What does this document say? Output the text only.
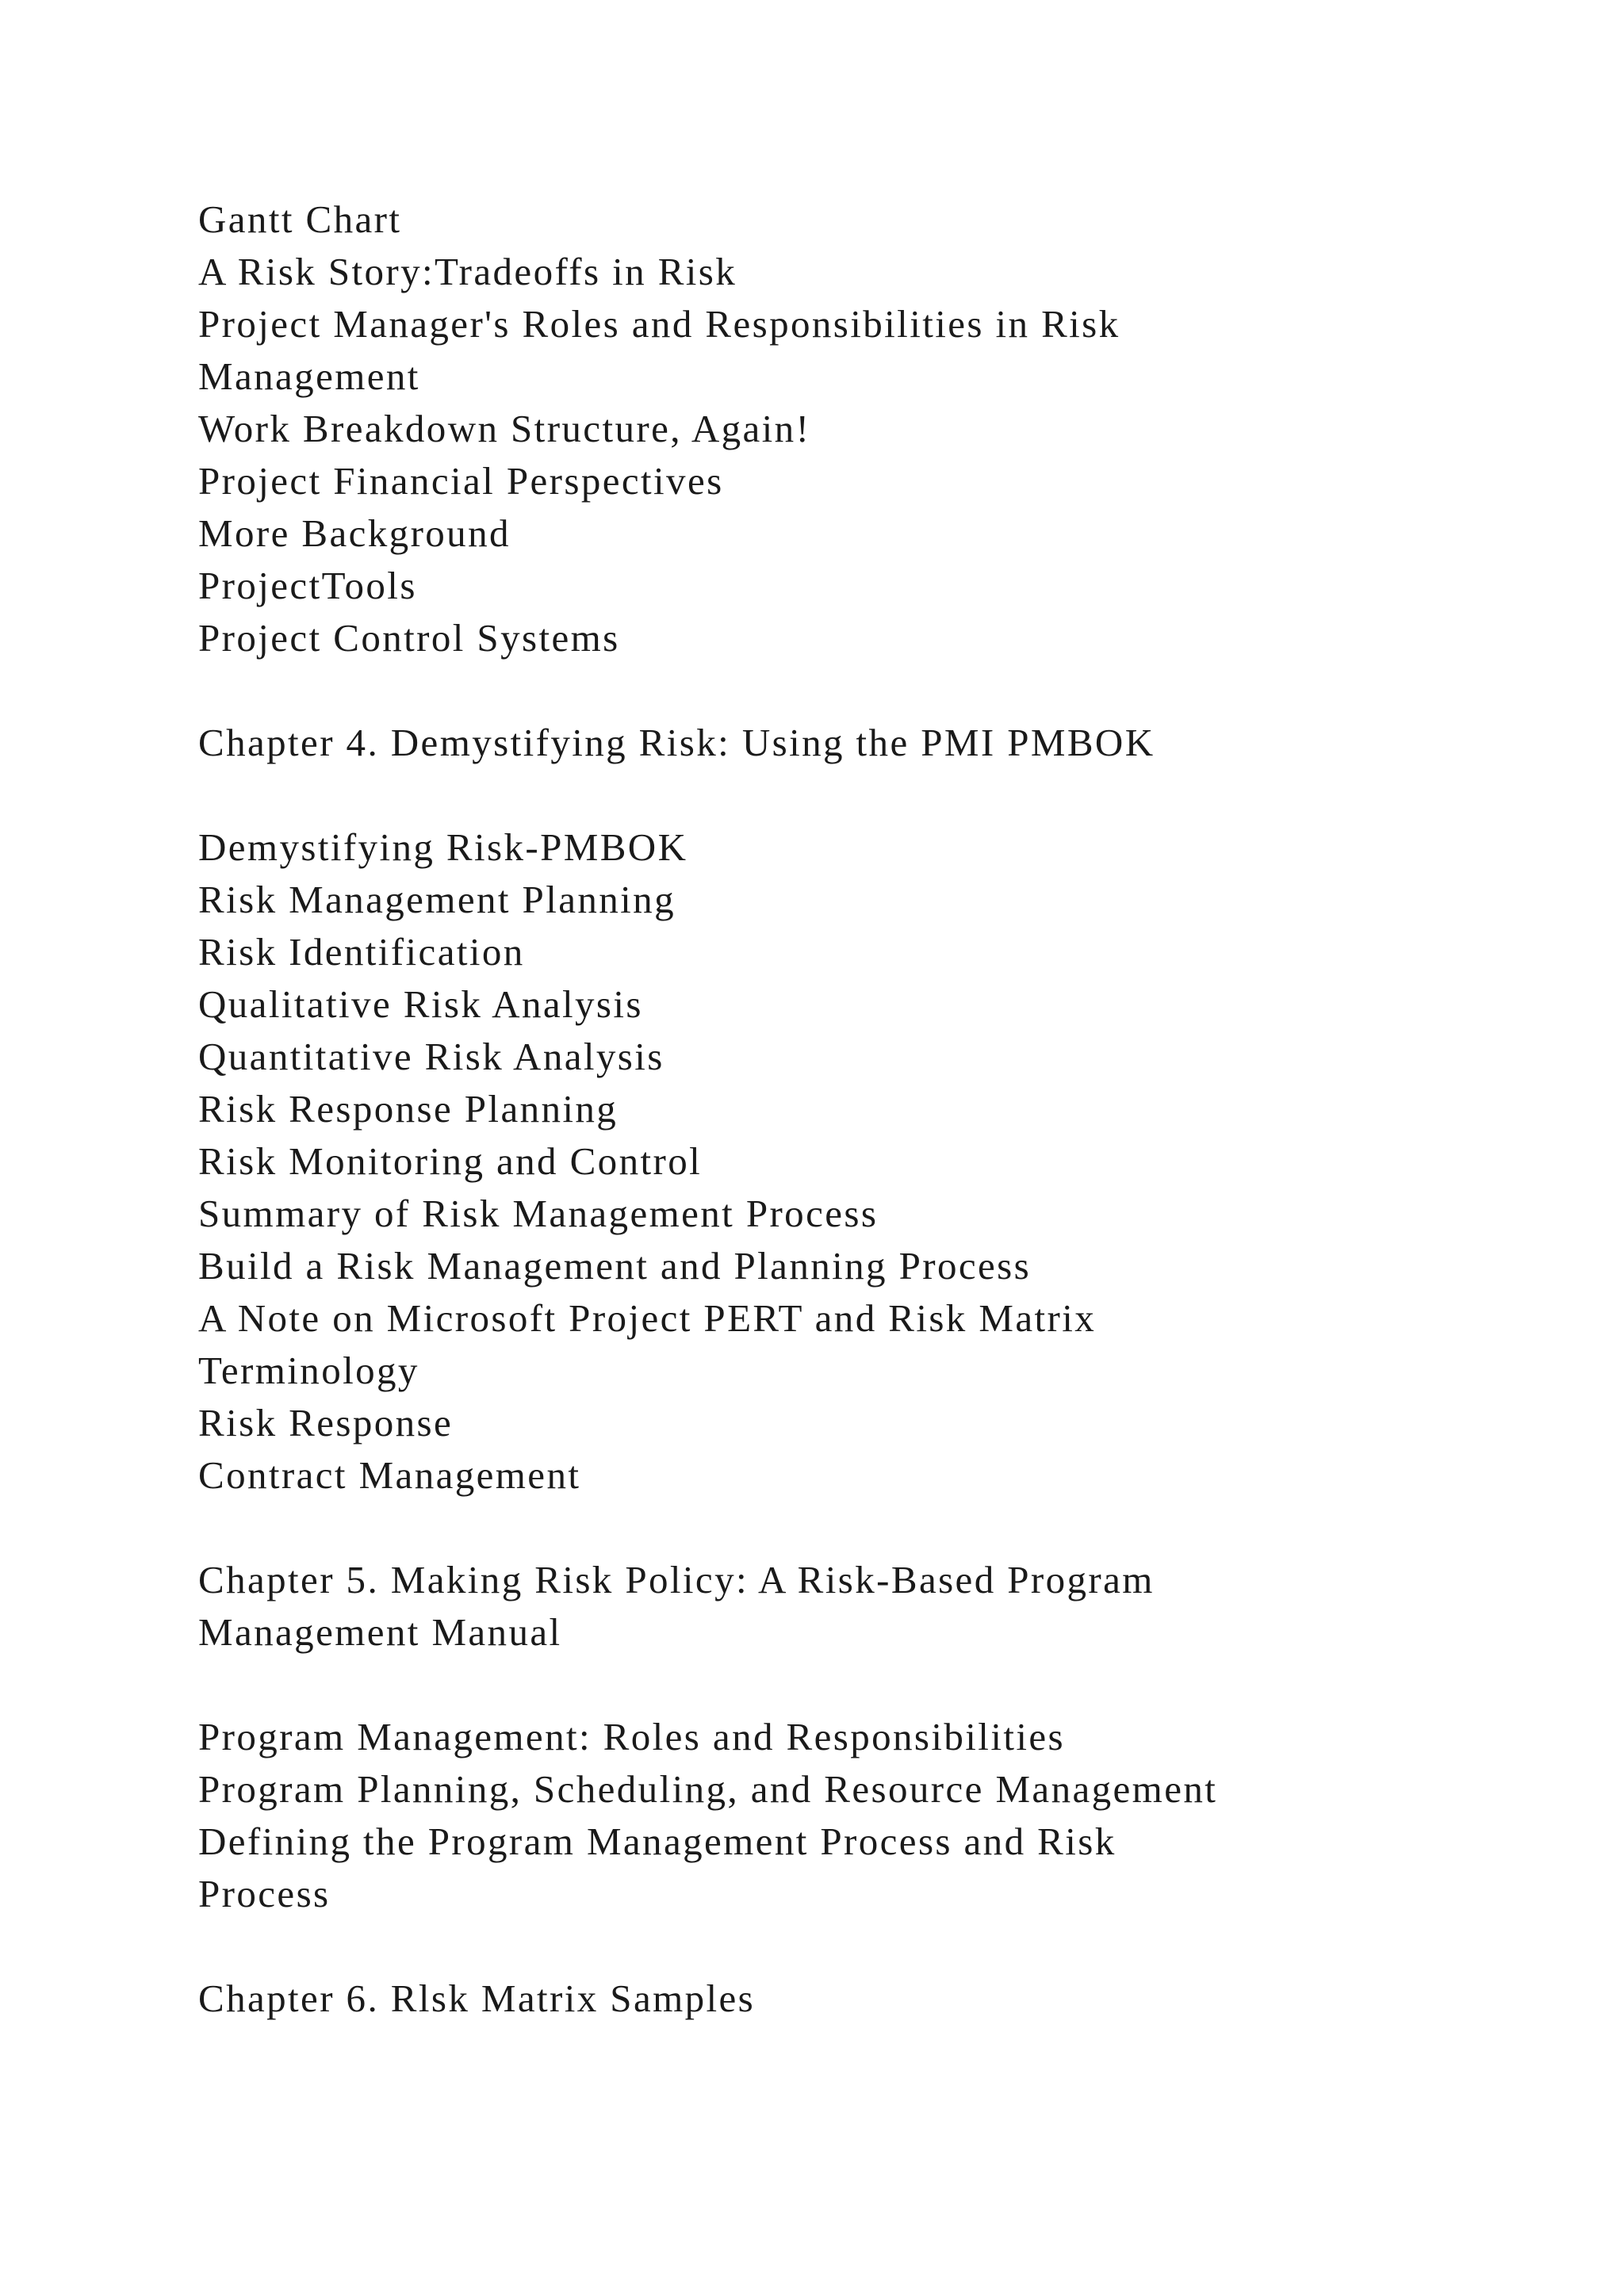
Gantt Chart
A Risk Story:Tradeoffs in Risk
Project Manager's Roles and Responsibilities in Risk
Management
Work Breakdown Structure, Again!
Project Financial Perspectives
More Background
ProjectTools
Project Control Systems
Chapter 4. Demystifying Risk: Using the PMI PMBOK
Demystifying Risk-PMBOK
Risk Management Planning
Risk Identification
Qualitative Risk Analysis
Quantitative Risk Analysis
Risk Response Planning
Risk Monitoring and Control
Summary of Risk Management Process
Build a Risk Management and Planning Process
A Note on Microsoft Project PERT and Risk Matrix
Terminology
Risk Response
Contract Management
Chapter 5. Making Risk Policy: A Risk-Based Program
Management Manual
Program Management: Roles and Responsibilities
Program Planning, Scheduling, and Resource Management
Defining the Program Management Process and Risk
Process
Chapter 6. Rlsk Matrix Samples
